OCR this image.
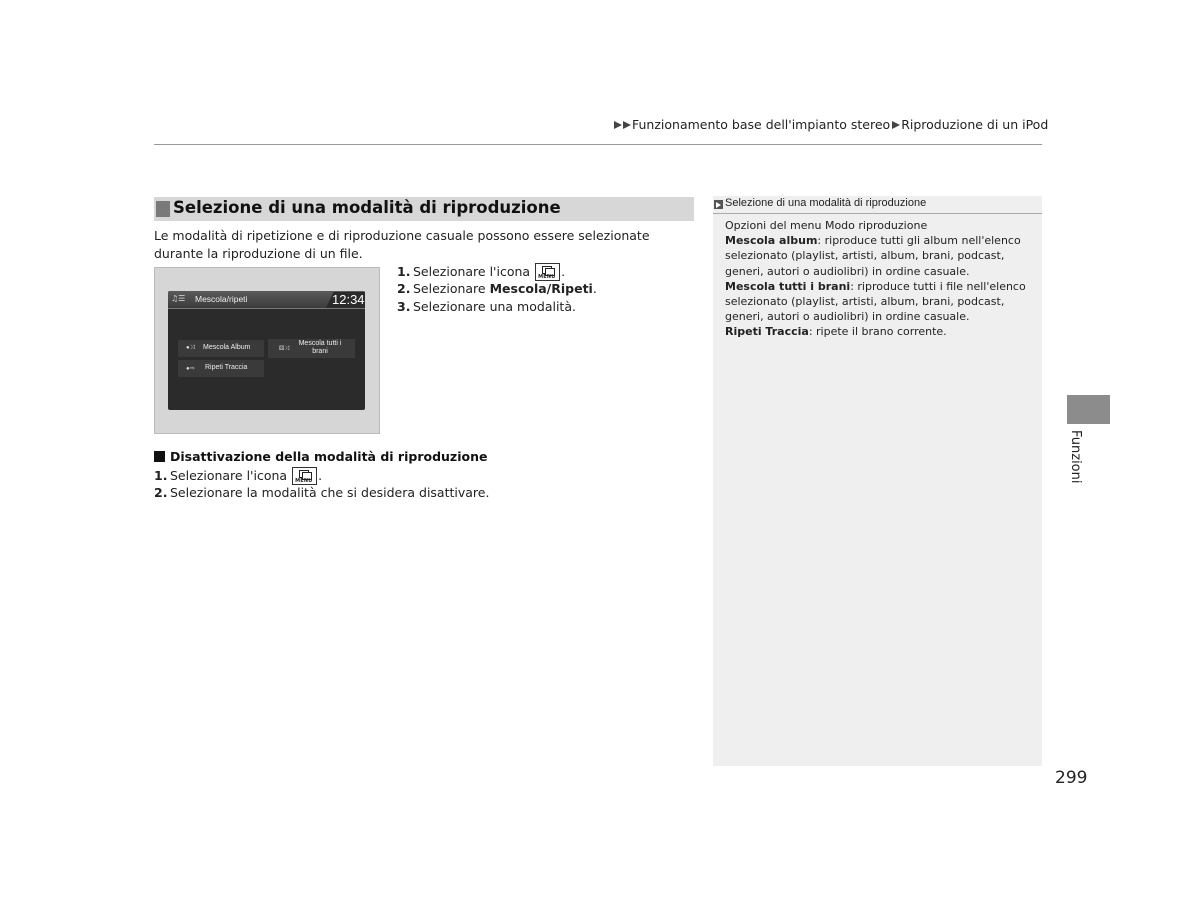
Funzionamento base dell'impianto stereo Riproduzione di un iPod
Selezione di una modalità di riproduzione
Le modalità di ripetizione e di riproduzione casuale possono essere selezionate durante la riproduzione di un file.
♫☰ Mescola/ripeti	12:34
●⤨ Mescola Album	⚄⤨
Mescola tutti i brani
●⇨ Ripeti Traccia
1. Selezionare l'icona MENU .
2. Selezionare Mescola/Ripeti.
3. Selezionare una modalità.
Disattivazione della modalità di riproduzione
1. Selezionare l'icona MENU .
2. Selezionare la modalità che si desidera disattivare.
Selezione di una modalità di riproduzione
Opzioni del menu Modo riproduzione
Mescola album: riproduce tutti gli album nell'elenco selezionato (playlist, artisti, album, brani, podcast, generi, autori o audiolibri) in ordine casuale.
Mescola tutti i brani: riproduce tutti i file nell'elenco selezionato (playlist, artisti, album, brani, podcast, generi, autori o audiolibri) in ordine casuale.
Ripeti Traccia: ripete il brano corrente.
Funzioni
299
